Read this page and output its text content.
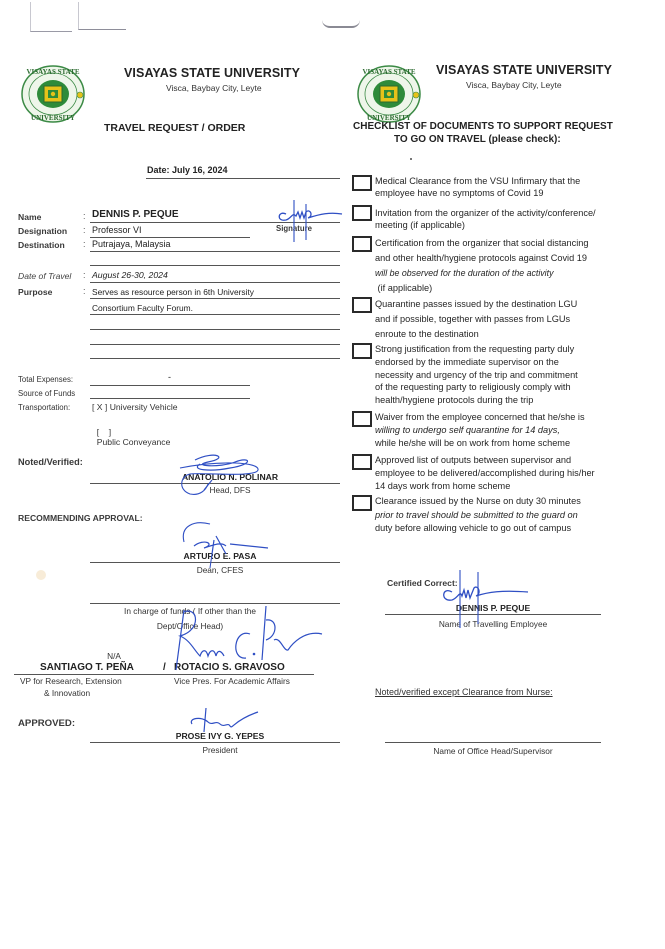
VISAYAS STATE
UNIVERSITY
VISAYAS STATE UNIVERSITY
Visca, Baybay City, Leyte
TRAVEL REQUEST / ORDER
Date: July 16, 2024
Name	: DENNIS P. PEQUE
Signature
Designation : Professor VI
Destination : Putrajaya, Malaysia
Date of Travel : August 26-30, 2024
Purpose	: Serves as resource person in 6th University
Consortium Faculty Forum.
Total Expenses:	-
Source of Funds
Transportation:	[ X ] University Vehicle

[    ]
Public Conveyance

Noted/Verified:
ANATOLIO N. POLINAR
Head, DFS
RECOMMENDING APPROVAL:
ARTURO E. PASA
Dean, CFES
In charge of funds ( If other than the
Dept/Office Head)
N/A
SANTIAGO T. PEÑA	/ ROTACIO S. GRAVOSO
VP for Research, Extension
& Innovation
Vice Pres. For Academic Affairs
APPROVED:
PROSE IVY G. YEPES
President
VISAYAS STATE
UNIVERSITY
VISAYAS STATE UNIVERSITY
Visca, Baybay City, Leyte
CHECKLIST OF DOCUMENTS TO SUPPORT REQUEST
TO GO ON TRAVEL (please check):
Medical Clearance from the VSU Infirmary that the
employee have no symptoms of Covid 19
Invitation from the organizer of the activity/conference/
meeting (if applicable)
Certification from the organizer that social distancing
and other health/hygiene protocols against Covid 19
will be observed for the duration of the activity
(if applicable)
Quarantine passes issued by the destination LGU
and if possible, together with passes from LGUs
enroute to the destination
Strong justification from the requesting party duly
endorsed by the immediate supervisor on the
necessity and urgency of the trip and commitment
of the requesting party to religiously comply with
health/hygiene protocols during the trip
Waiver from the employee concerned that he/she is
willing to undergo self quarantine for 14 days,
while he/she will be on work from home scheme
Approved list of outputs between supervisor and
employee to be delivered/accomplished during his/her
14 days work from home scheme
Clearance issued by the Nurse on duty 30 minutes
prior to travel should be submitted to the guard on
duty before allowing vehicle to go out of campus
Certified Correct:
DENNIS P. PEQUE
Name of Travelling Employee
Noted/verified except Clearance from Nurse:
Name of Office Head/Supervisor
